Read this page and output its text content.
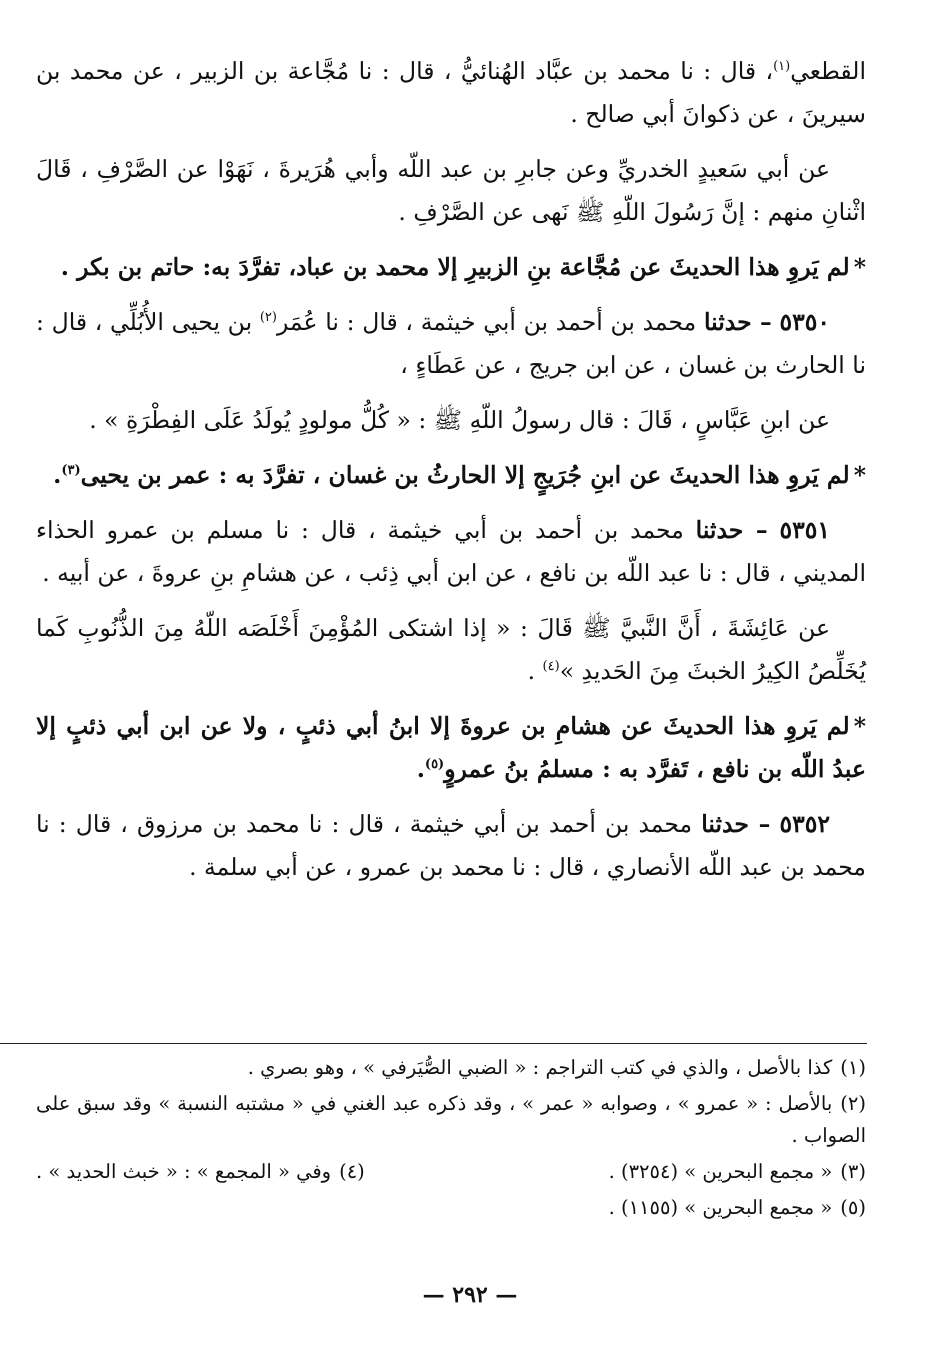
القطعي$^{(١)}$، قال : نا محمد بن عبَّاد الهُنائيُّ ، قال : نا مُجَّاعة بن الزبير ، عن محمد بن سيرينَ ، عن ذكوانَ أبي صالح .

عن أبي سَعيدٍ الخدريِّ وعن جابرِ بن عبد اللّه وأبي هُرَيرةَ ، نَهَوْا عن الصَّرْفِ ، قَالَ اثْنانِ منهم : إنَّ رَسُولَ اللّهِ ﷺ نَهى عن الصَّرْفِ .

*لم يَروِ هذا الحديثَ عن مُجَّاعة بنِ الزبيرِ إلا محمد بن عباد، تفرَّدَ به: حاتم بن بكر .

٥٣٥٠ – حدثنا محمد بن أحمد بن أبي خيثمة ، قال : نا عُمَر$^{(٢)}$ بن يحيى الأُبُلِّي ، قال : نا الحارث بن غسان ، عن ابن جريج ، عن عَطَاءٍ ،

عن ابنِ عَبَّاسٍ ، قَالَ : قال رسولُ اللّهِ ﷺ : « كُلُّ مولودٍ يُولَدُ عَلَى الفِطْرَةِ » .

*لم يَروِ هذا الحديثَ عن ابنِ جُرَيجٍ إلا الحارثُ بن غسان ، تفرَّدَ به : عمر بن يحيى$^{(٣)}$.

٥٣٥١ – حدثنا محمد بن أحمد بن أبي خيثمة ، قال : نا مسلم بن عمرو الحذاء المديني ، قال : نا عبد اللّه بن نافع ، عن ابن أبي ذِئب ، عن هشامِ بنِ عروةَ ، عن أبيه .

عن عَائِشَةَ ، أَنَّ النَّبيَّ ﷺ قَالَ : « إذا اشتكى المُؤْمِنَ أَخْلَصَه اللّهُ مِنَ الذُّنُوبِ كَما يُخَلِّصُ الكِيرُ الخبثَ مِنَ الحَديدِ »$^{(٤)}$ .

*لم يَروِ هذا الحديثَ عن هشامِ بن عروةَ إلا ابنُ أبي ذئبٍ ، ولا عن ابن أبي ذئبٍ إلا عبدُ اللّه بن نافع ، تَفرَّد به : مسلمُ بنُ عمروٍ$^{(٥)}$.

٥٣٥٢ – حدثنا محمد بن أحمد بن أبي خيثمة ، قال : نا محمد بن مرزوق ، قال : نا محمد بن عبد اللّه الأنصاري ، قال : نا محمد بن عمرو ، عن أبي سلمة .

(١)كذا بالأصل ، والذي في كتب التراجم : « الضبي الصُّيَرفي » ، وهو بصري .

(٢)بالأصل : « عمرو » ، وصوابه « عمر » ، وقد ذكره عبد الغني في « مشتبه النسبة » وقد سبق على الصواب .

(٣)« مجمع البحرين » (٣٢٥٤) .

(٤)وفي « المجمع » : « خبث الحديد » .

(٥)« مجمع البحرين » (١١٥٥) .

— ٢٩٢ —
